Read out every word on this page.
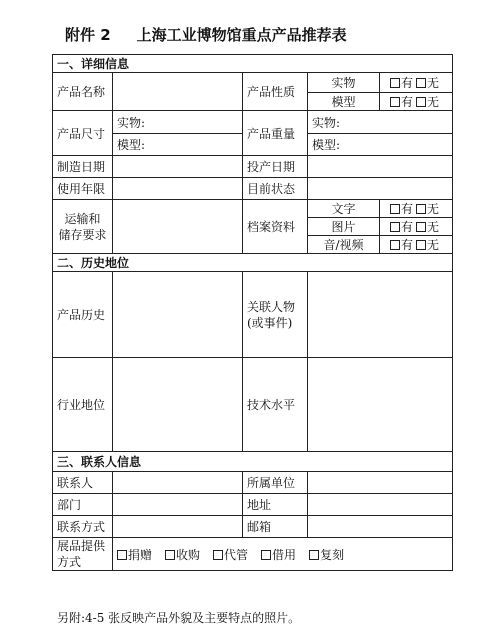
附件 2 上海工业博物馆重点产品推荐表
一、详细信息				
产品名称		产品性质	实物	有 无
			模型	有 无
产品尺寸	实物:	产品重量	实物:	
	模型:		模型:	
制造日期		投产日期		
使用年限		目前状态		
运输和
储存要求		档案资料	文字	有 无
			图片	有 无
			音/视频	有 无
二、历史地位				
产品历史		关联人物
(或事件)		
行业地位		技术水平		
三、联系人信息				
联系人		所属单位		
部门		地址		
联系方式		邮箱		
展品提供
方式	捐赠 收购 代管 借用 复刻			
另附:4-5 张反映产品外貌及主要特点的照片。
